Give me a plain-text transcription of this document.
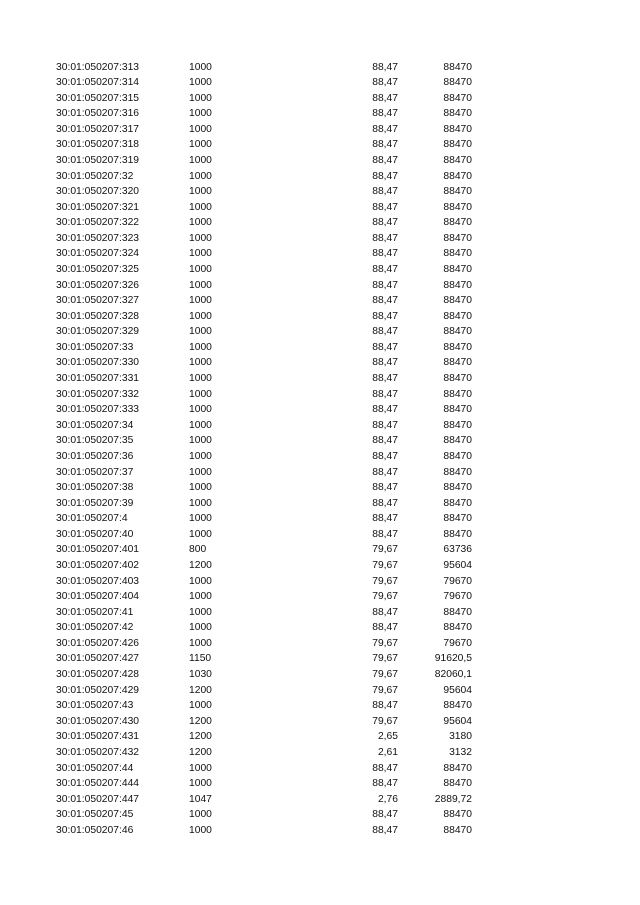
30:01:050207:313	1000	88,47	88470
30:01:050207:314	1000	88,47	88470
30:01:050207:315	1000	88,47	88470
30:01:050207:316	1000	88,47	88470
30:01:050207:317	1000	88,47	88470
30:01:050207:318	1000	88,47	88470
30:01:050207:319	1000	88,47	88470
30:01:050207:32	1000	88,47	88470
30:01:050207:320	1000	88,47	88470
30:01:050207:321	1000	88,47	88470
30:01:050207:322	1000	88,47	88470
30:01:050207:323	1000	88,47	88470
30:01:050207:324	1000	88,47	88470
30:01:050207:325	1000	88,47	88470
30:01:050207:326	1000	88,47	88470
30:01:050207:327	1000	88,47	88470
30:01:050207:328	1000	88,47	88470
30:01:050207:329	1000	88,47	88470
30:01:050207:33	1000	88,47	88470
30:01:050207:330	1000	88,47	88470
30:01:050207:331	1000	88,47	88470
30:01:050207:332	1000	88,47	88470
30:01:050207:333	1000	88,47	88470
30:01:050207:34	1000	88,47	88470
30:01:050207:35	1000	88,47	88470
30:01:050207:36	1000	88,47	88470
30:01:050207:37	1000	88,47	88470
30:01:050207:38	1000	88,47	88470
30:01:050207:39	1000	88,47	88470
30:01:050207:4	1000	88,47	88470
30:01:050207:40	1000	88,47	88470
30:01:050207:401	800	79,67	63736
30:01:050207:402	1200	79,67	95604
30:01:050207:403	1000	79,67	79670
30:01:050207:404	1000	79,67	79670
30:01:050207:41	1000	88,47	88470
30:01:050207:42	1000	88,47	88470
30:01:050207:426	1000	79,67	79670
30:01:050207:427	1150	79,67	91620,5
30:01:050207:428	1030	79,67	82060,1
30:01:050207:429	1200	79,67	95604
30:01:050207:43	1000	88,47	88470
30:01:050207:430	1200	79,67	95604
30:01:050207:431	1200	2,65	3180
30:01:050207:432	1200	2,61	3132
30:01:050207:44	1000	88,47	88470
30:01:050207:444	1000	88,47	88470
30:01:050207:447	1047	2,76	2889,72
30:01:050207:45	1000	88,47	88470
30:01:050207:46	1000	88,47	88470
